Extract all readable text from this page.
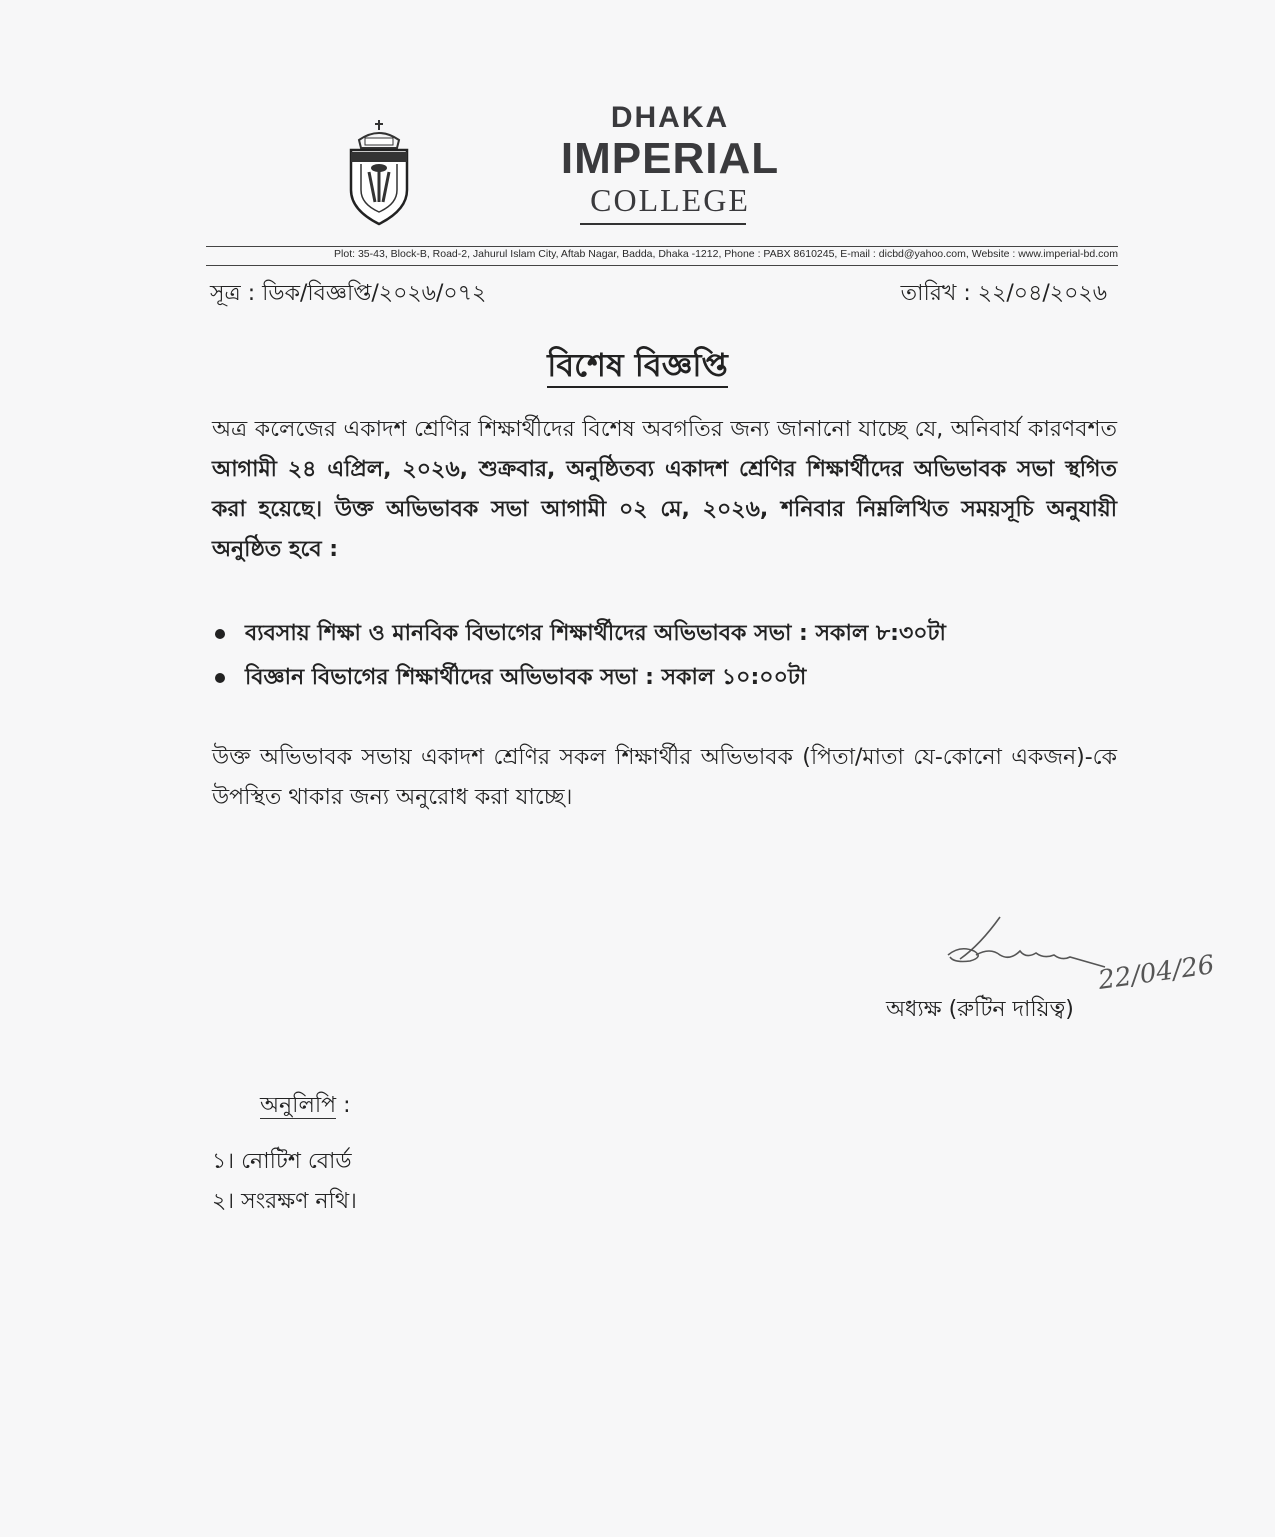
DHAKA
IMPERIAL
COLLEGE
Plot: 35-43, Block-B, Road-2, Jahurul Islam City, Aftab Nagar, Badda, Dhaka -1212, Phone : PABX 8610245, E-mail : dicbd@yahoo.com, Website : www.imperial-bd.com
সূত্র : ডিক/বিজ্ঞপ্তি/২০২৬/০৭২	তারিখ : ২২/০৪/২০২৬
বিশেষ বিজ্ঞপ্তি
অত্র কলেজের একাদশ শ্রেণির শিক্ষার্থীদের বিশেষ অবগতির জন্য জানানো যাচ্ছে যে, অনিবার্য কারণবশত আগামী ২৪ এপ্রিল, ২০২৬, শুক্রবার, অনুষ্ঠিতব্য একাদশ শ্রেণির শিক্ষার্থীদের অভিভাবক সভা স্থগিত করা হয়েছে। উক্ত অভিভাবক সভা আগামী ০২ মে, ২০২৬, শনিবার নিম্নলিখিত সময়সূচি অনুযায়ী অনুষ্ঠিত হবে :
ব্যবসায় শিক্ষা ও মানবিক বিভাগের শিক্ষার্থীদের অভিভাবক সভা : সকাল ৮:৩০টা
বিজ্ঞান বিভাগের শিক্ষার্থীদের অভিভাবক সভা : সকাল ১০:০০টা
উক্ত অভিভাবক সভায় একাদশ শ্রেণির সকল শিক্ষার্থীর অভিভাবক (পিতা/মাতা যে-কোনো একজন)-কে উপস্থিত থাকার জন্য অনুরোধ করা যাচ্ছে।
22/04/26
অধ্যক্ষ (রুটিন দায়িত্ব)
অনুলিপি :
১। নোটিশ বোর্ড
২। সংরক্ষণ নথি।
